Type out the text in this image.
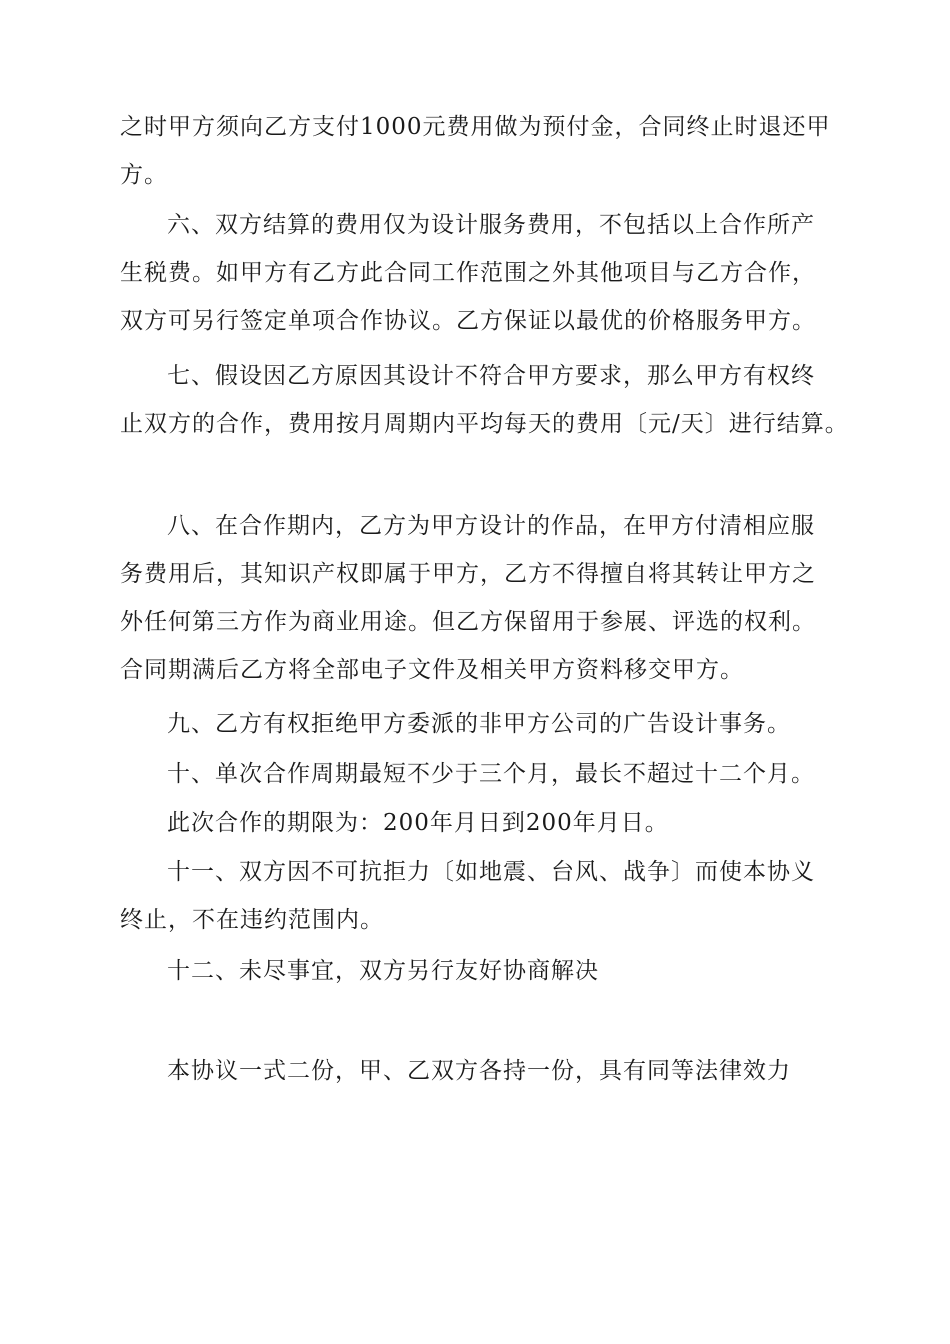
之时甲方须向乙方支付1000元费用做为预付金，合同终止时退还甲
方。

六、双方结算的费用仅为设计服务费用，不包括以上合作所产
生税费。如甲方有乙方此合同工作范围之外其他项目与乙方合作，
双方可另行签定单项合作协议。乙方保证以最优的价格服务甲方。

七、假设因乙方原因其设计不符合甲方要求，那么甲方有权终
止双方的合作，费用按月周期内平均每天的费用〔元/天〕进行结算。

八、在合作期内，乙方为甲方设计的作品，在甲方付清相应服
务费用后，其知识产权即属于甲方，乙方不得擅自将其转让甲方之
外任何第三方作为商业用途。但乙方保留用于参展、评选的权利。
合同期满后乙方将全部电子文件及相关甲方资料移交甲方。

九、乙方有权拒绝甲方委派的非甲方公司的广告设计事务。

十、单次合作周期最短不少于三个月，最长不超过十二个月。

此次合作的期限为：200年月日到200年月日。

十一、双方因不可抗拒力〔如地震、台风、战争〕而使本协义
终止，不在违约范围内。

十二、未尽事宜，双方另行友好协商解决

本协议一式二份，甲、乙双方各持一份，具有同等法律效力
